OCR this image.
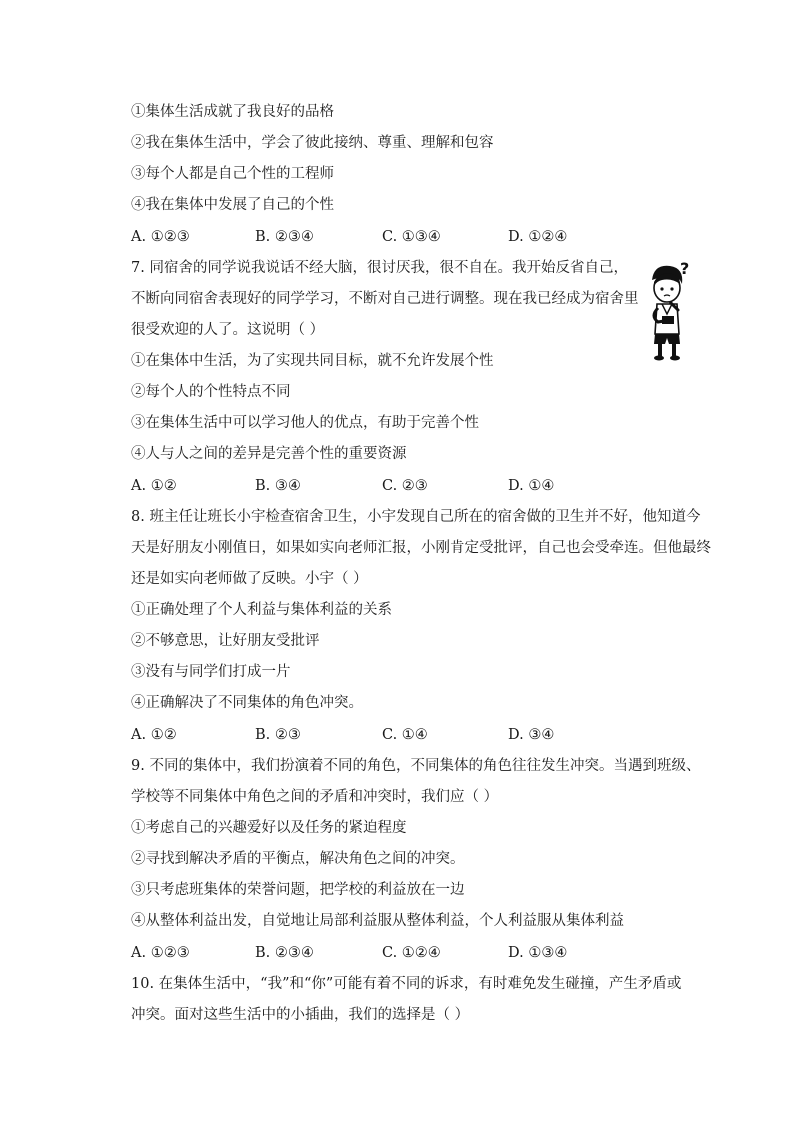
①集体生活成就了我良好的品格
②我在集体生活中，学会了彼此接纳、尊重、理解和包容
③每个人都是自己个性的工程师
④我在集体中发展了自己的个性
A. ①②③	B. ②③④	C. ①③④	D. ①②④
7. 同宿舍的同学说我说话不经大脑，很讨厌我，很不自在。我开始反省自己，
不断向同宿舍表现好的同学学习，不断对自己进行调整。现在我已经成为宿舍里
很受欢迎的人了。这说明（ ）
①在集体中生活，为了实现共同目标，就不允许发展个性
②每个人的个性特点不同
③在集体生活中可以学习他人的优点，有助于完善个性
④人与人之间的差异是完善个性的重要资源
A. ①②	B. ③④	C. ②③	D. ①④
?
8. 班主任让班长小宇检查宿舍卫生，小宇发现自己所在的宿舍做的卫生并不好，他知道今
天是好朋友小刚值日，如果如实向老师汇报，小刚肯定受批评，自己也会受牵连。但他最终
还是如实向老师做了反映。小宇（ ）
①正确处理了个人利益与集体利益的关系
②不够意思，让好朋友受批评
③没有与同学们打成一片
④正确解决了不同集体的角色冲突。
A. ①②	B. ②③	C. ①④	D. ③④
9. 不同的集体中，我们扮演着不同的角色，不同集体的角色往往发生冲突。当遇到班级、
学校等不同集体中角色之间的矛盾和冲突时，我们应（ ）
①考虑自己的兴趣爱好以及任务的紧迫程度
②寻找到解决矛盾的平衡点，解决角色之间的冲突。
③只考虑班集体的荣誉问题，把学校的利益放在一边
④从整体利益出发，自觉地让局部利益服从整体利益，个人利益服从集体利益
A. ①②③	B. ②③④	C. ①②④	D. ①③④
10. 在集体生活中，“我”和“你”可能有着不同的诉求，有时难免发生碰撞，产生矛盾或
冲突。面对这些生活中的小插曲，我们的选择是（ ）
